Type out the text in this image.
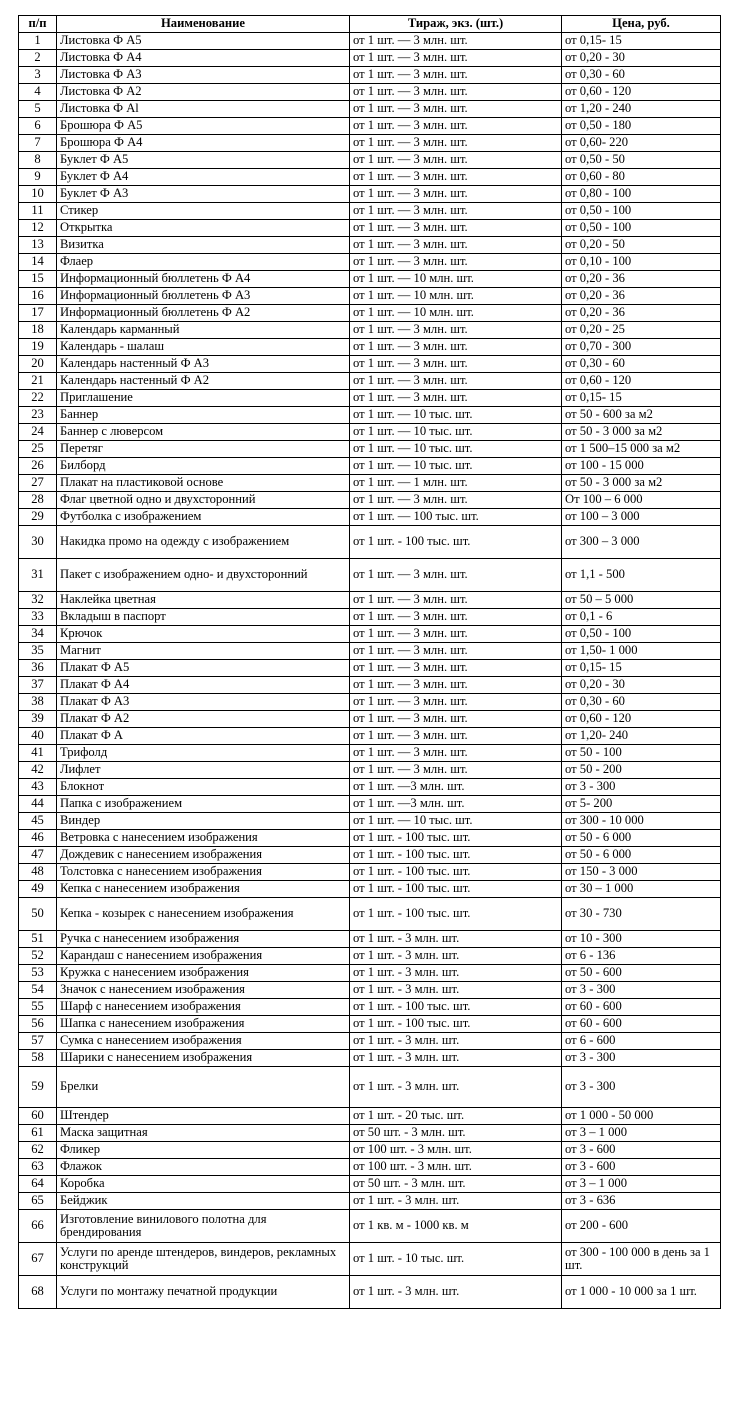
п/п	Наименование	Тираж, экз. (шт.)	Цена, руб.
1	Листовка Ф А5	от 1 шт. — 3 млн. шт.	от 0,15- 15
2	Листовка Ф А4	от 1 шт. — 3 млн. шт.	от 0,20 - 30
3	Листовка Ф А3	от 1 шт. — 3 млн. шт.	от 0,30 - 60
4	Листовка Ф А2	от 1 шт. — 3 млн. шт.	от 0,60 - 120
5	Листовка Ф Al	от 1 шт. — 3 млн. шт.	от 1,20 - 240
6	Брошюра Ф А5	от 1 шт. — 3 млн. шт.	от 0,50 - 180
7	Брошюра Ф А4	от 1 шт. — 3 млн. шт.	от 0,60- 220
8	Буклет Ф А5	от 1 шт. — 3 млн. шт.	от 0,50 - 50
9	Буклет Ф А4	от 1 шт. — 3 млн. шт.	от 0,60 - 80
10	Буклет Ф А3	от 1 шт. — 3 млн. шт.	от 0,80 - 100
11	Стикер	от 1 шт. — 3 млн. шт.	от 0,50 - 100
12	Открытка	от 1 шт. — 3 млн. шт.	от 0,50 - 100
13	Визитка	от 1 шт. — 3 млн. шт.	от 0,20 - 50
14	Флаер	от 1 шт. — 3 млн. шт.	от 0,10 - 100
15	Информационный бюллетень Ф А4	от 1 шт. — 10 млн. шт.	от 0,20 - 36
16	Информационный бюллетень Ф А3	от 1 шт. — 10 млн. шт.	от 0,20 - 36
17	Информационный бюллетень Ф А2	от 1 шт. — 10 млн. шт.	от 0,20 - 36
18	Календарь карманный	от 1 шт. — 3 млн. шт.	от 0,20 - 25
19	Календарь - шалаш	от 1 шт. — 3 млн. шт.	от 0,70 - 300
20	Календарь настенный Ф А3	от 1 шт. — 3 млн. шт.	от 0,30 - 60
21	Календарь настенный Ф А2	от 1 шт. — 3 млн. шт.	от 0,60 - 120
22	Приглашение	от 1 шт. — 3 млн. шт.	от 0,15- 15
23	Баннер	от 1 шт. — 10 тыс. шт.	от 50 - 600 за м2
24	Баннер с люверсом	от 1 шт. — 10 тыс. шт.	от 50 - 3 000 за м2
25	Перетяг	от 1 шт. — 10 тыс. шт.	от 1 500–15 000 за м2
26	Билборд	от 1 шт. — 10 тыс. шт.	от 100 - 15 000
27	Плакат на пластиковой основе	от 1 шт. — 1 млн. шт.	от 50 - 3 000 за м2
28	Флаг цветной одно и двухсторонний	от 1 шт. — 3 млн. шт.	От 100 – 6 000
29	Футболка с изображением	от 1 шт. — 100 тыс. шт.	от 100 – 3 000
30	Накидка промо на одежду с изображением	от 1 шт. - 100 тыс. шт.	от 300 – 3 000
31	Пакет с изображением одно- и двухсторонний	от 1 шт. — 3 млн. шт.	от 1,1 - 500
32	Наклейка цветная	от 1 шт. — 3 млн. шт.	от 50 – 5 000
33	Вкладыш в паспорт	от 1 шт. — 3 млн. шт.	от 0,1 - 6
34	Крючок	от 1 шт. — 3 млн. шт.	от 0,50 - 100
35	Магнит	от 1 шт. — 3 млн. шт.	от 1,50- 1 000
36	Плакат Ф А5	от 1 шт. — 3 млн. шт.	от 0,15- 15
37	Плакат Ф А4	от 1 шт. — 3 млн. шт.	от 0,20 - 30
38	Плакат Ф А3	от 1 шт. — 3 млн. шт.	от 0,30 - 60
39	Плакат Ф А2	от 1 шт. — 3 млн. шт.	от 0,60 - 120
40	Плакат Ф А	от 1 шт. — 3 млн. шт.	от 1,20- 240
41	Трифолд	от 1 шт. — 3 млн. шт.	от 50 - 100
42	Лифлет	от 1 шт. — 3 млн. шт.	от 50 - 200
43	Блокнот	от 1 шт. —3 млн. шт.	от 3 - 300
44	Папка с изображением	от 1 шт. —3 млн. шт.	от 5- 200
45	Виндер	от 1 шт. — 10 тыс. шт.	от 300 - 10 000
46	Ветровка с нанесением изображения	от 1 шт. - 100 тыс. шт.	от 50 - 6 000
47	Дождевик с нанесением изображения	от 1 шт. - 100 тыс. шт.	от 50 - 6 000
48	Толстовка с нанесением изображения	от 1 шт. - 100 тыс. шт.	от 150 - 3 000
49	Кепка с нанесением изображения	от 1 шт. - 100 тыс. шт.	от 30 – 1 000
50	Кепка - козырек с нанесением изображения	от 1 шт. - 100 тыс. шт.	от 30 - 730
51	Ручка с нанесением изображения	от 1 шт. - 3 млн. шт.	от 10 - 300
52	Карандаш с нанесением изображения	от 1 шт. - 3 млн. шт.	от 6 - 136
53	Кружка с нанесением изображения	от 1 шт. - 3 млн. шт.	от 50 - 600
54	Значок с нанесением изображения	от 1 шт. - 3 млн. шт.	от 3 - 300
55	Шарф с нанесением изображения	от 1 шт. - 100 тыс. шт.	от 60 - 600
56	Шапка с нанесением изображения	от 1 шт. - 100 тыс. шт.	от 60 - 600
57	Сумка с нанесением изображения	от 1 шт. - 3 млн. шт.	от 6 - 600
58	Шарики с нанесением изображения	от 1 шт. - 3 млн. шт.	от 3 - 300
59	Брелки	от 1 шт. - 3 млн. шт.	от 3 - 300
60	Штендер	от 1 шт. - 20 тыс. шт.	от 1 000 - 50 000
61	Маска защитная	от 50 шт. - 3 млн. шт.	от 3 – 1 000
62	Фликер	от 100 шт. - 3 млн. шт.	от 3 - 600
63	Флажок	от 100 шт. - 3 млн. шт.	от 3 - 600
64	Коробка	от 50 шт. - 3 млн. шт.	от 3 – 1 000
65	Бейджик	от 1 шт. - 3 млн. шт.	от 3 - 636
66	Изготовление винилового полотна для брендирования	от 1 кв. м - 1000 кв. м	от 200 - 600
67	Услуги по аренде штендеров, виндеров, рекламных конструкций	от 1 шт. - 10 тыс. шт.	от 300 - 100 000 в день за 1 шт.
68	Услуги по монтажу печатной продукции	от 1 шт. - 3 млн. шт.	от 1 000 - 10 000 за 1 шт.
